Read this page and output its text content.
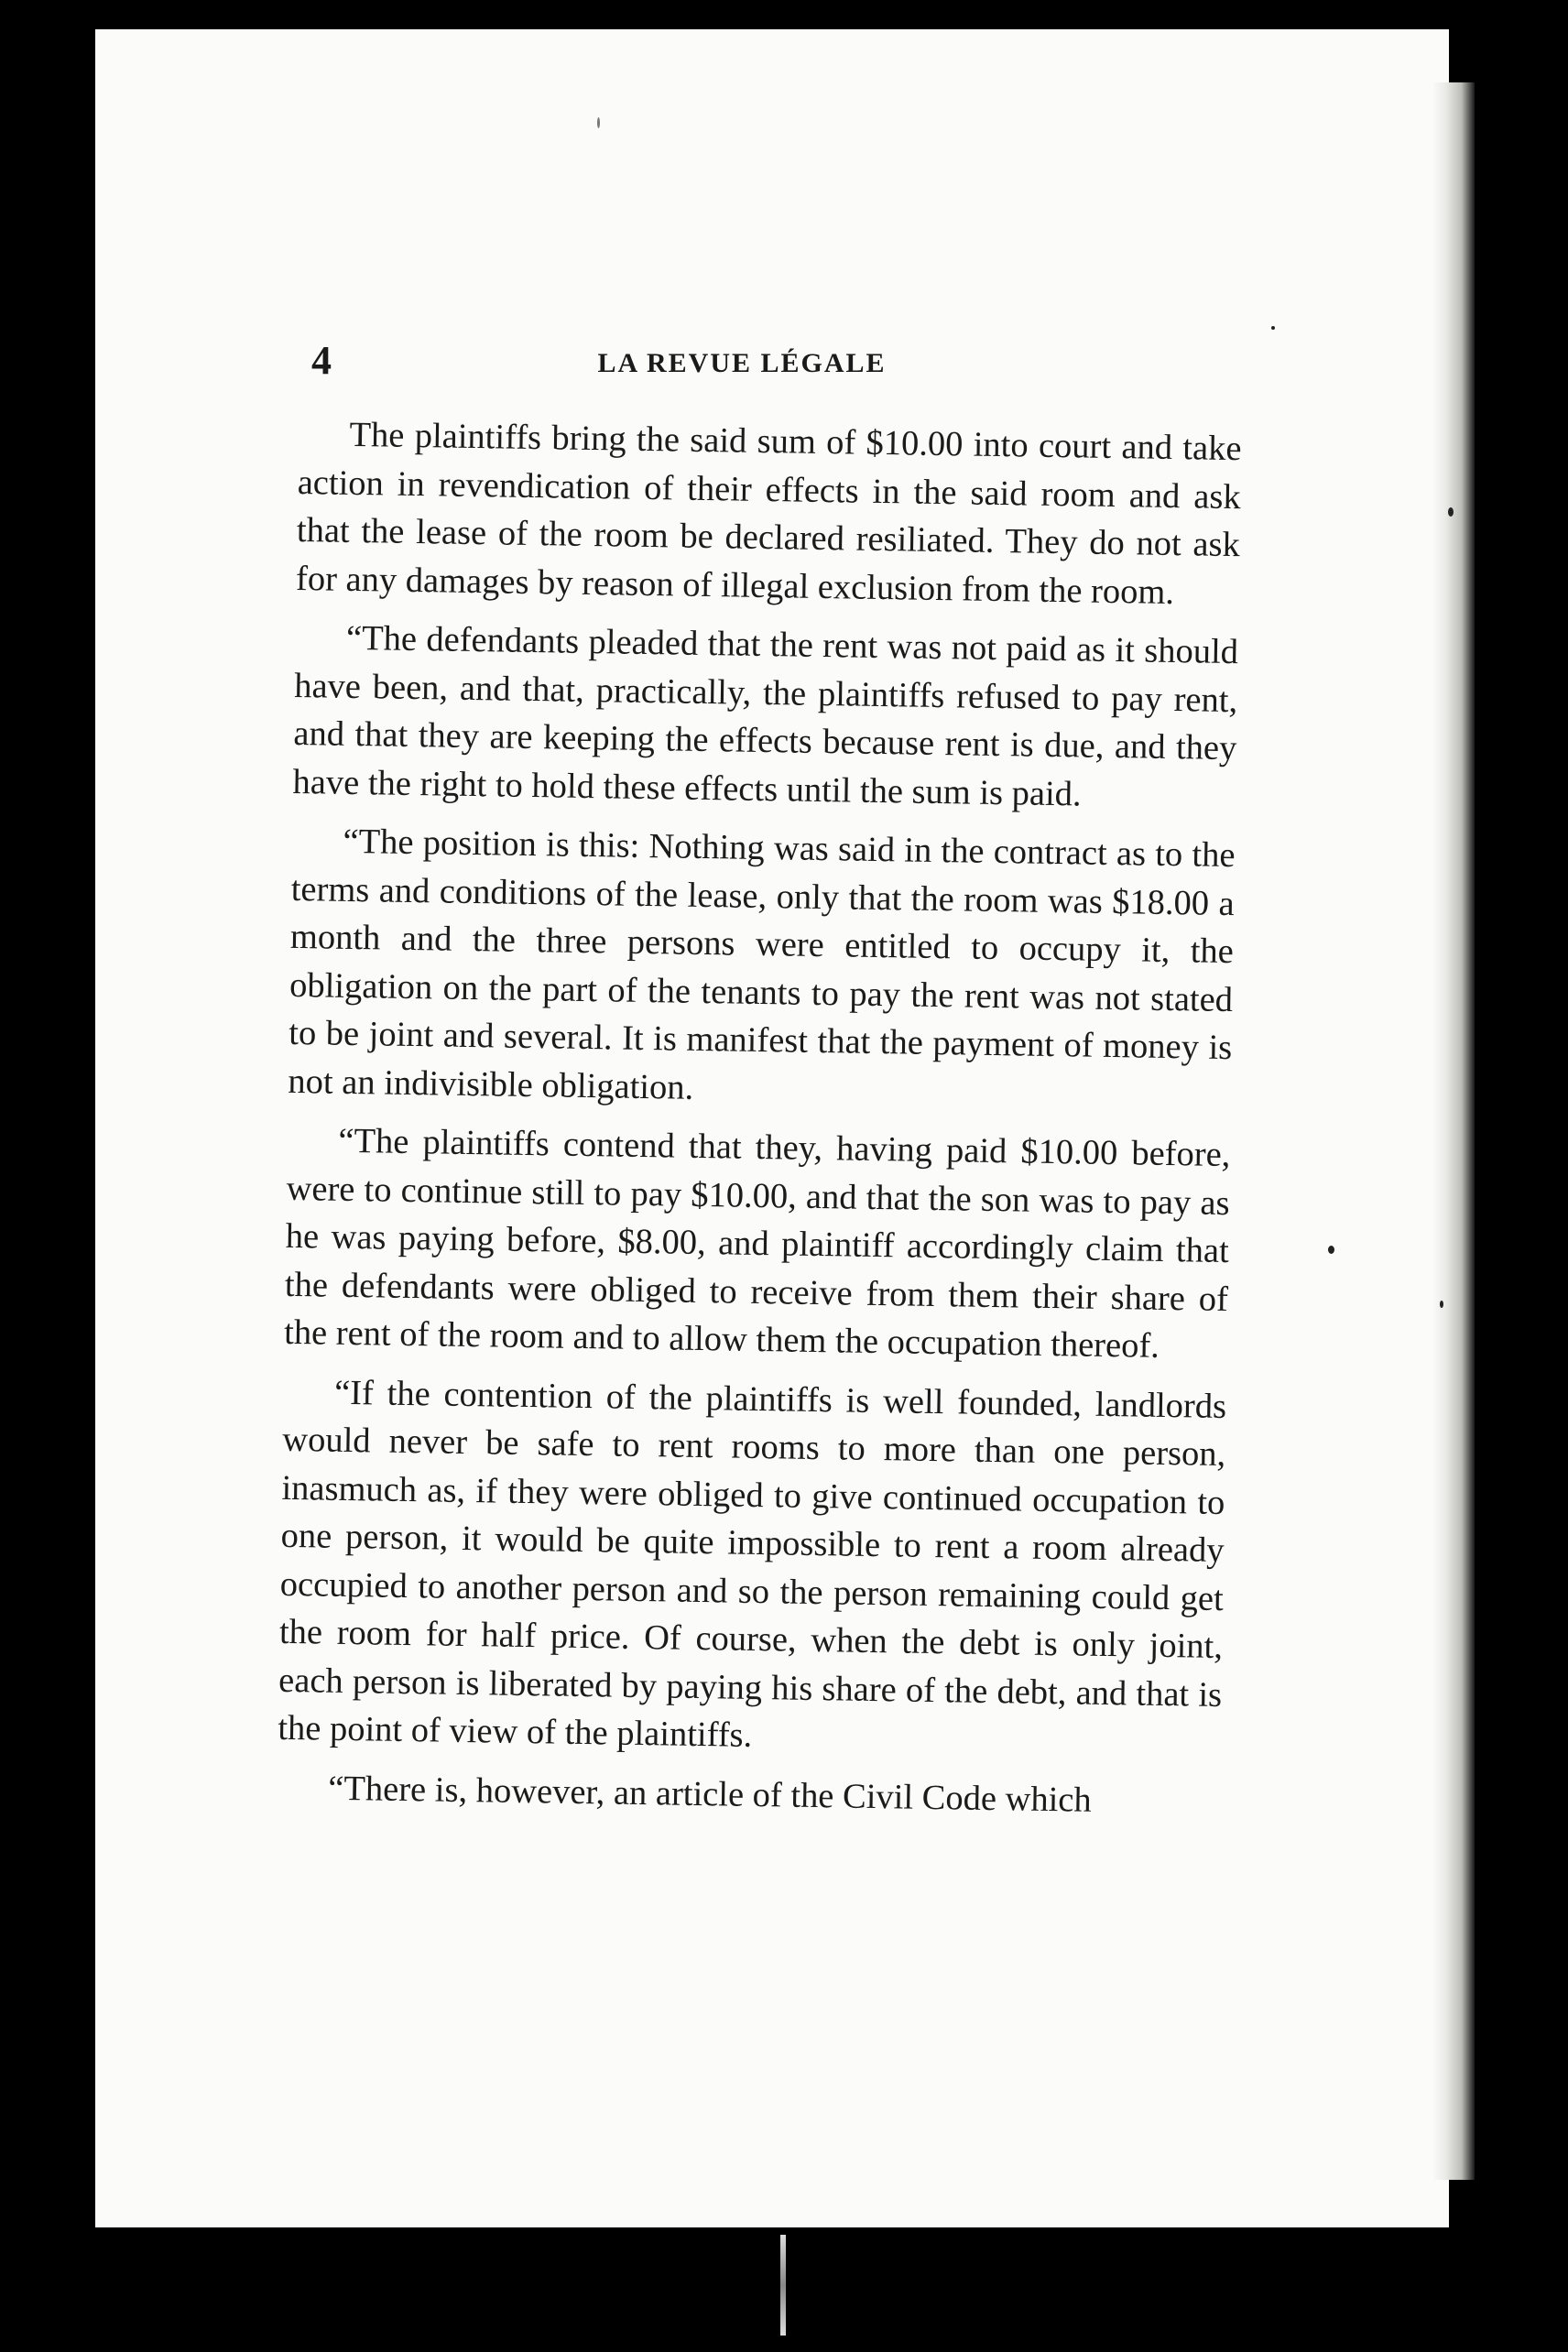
4	LA REVUE LÉGALE

The plaintiffs bring the said sum of $10.00 into court and take action in revendication of their effects in the said room and ask that the lease of the room be declared resiliated. They do not ask for any damages by reason of illegal exclusion from the room.

“The defendants pleaded that the rent was not paid as it should have been, and that, practically, the plaintiffs refused to pay rent, and that they are keeping the effects because rent is due, and they have the right to hold these effects until the sum is paid.

“The position is this: Nothing was said in the contract as to the terms and conditions of the lease, only that the room was $18.00 a month and the three persons were entitled to occupy it, the obligation on the part of the tenants to pay the rent was not stated to be joint and several. It is manifest that the payment of money is not an indivisible obligation.

“The plaintiffs contend that they, having paid $10.00 before, were to continue still to pay $10.00, and that the son was to pay as he was paying before, $8.00, and plaintiff accordingly claim that the defendants were obliged to receive from them their share of the rent of the room and to allow them the occupation thereof.

“If the contention of the plaintiffs is well founded, landlords would never be safe to rent rooms to more than one person, inasmuch as, if they were obliged to give continued occupation to one person, it would be quite impossible to rent a room already occupied to another person and so the person remaining could get the room for half price. Of course, when the debt is only joint, each person is liberated by paying his share of the debt, and that is the point of view of the plaintiffs.

“There is, however, an article of the Civil Code which
